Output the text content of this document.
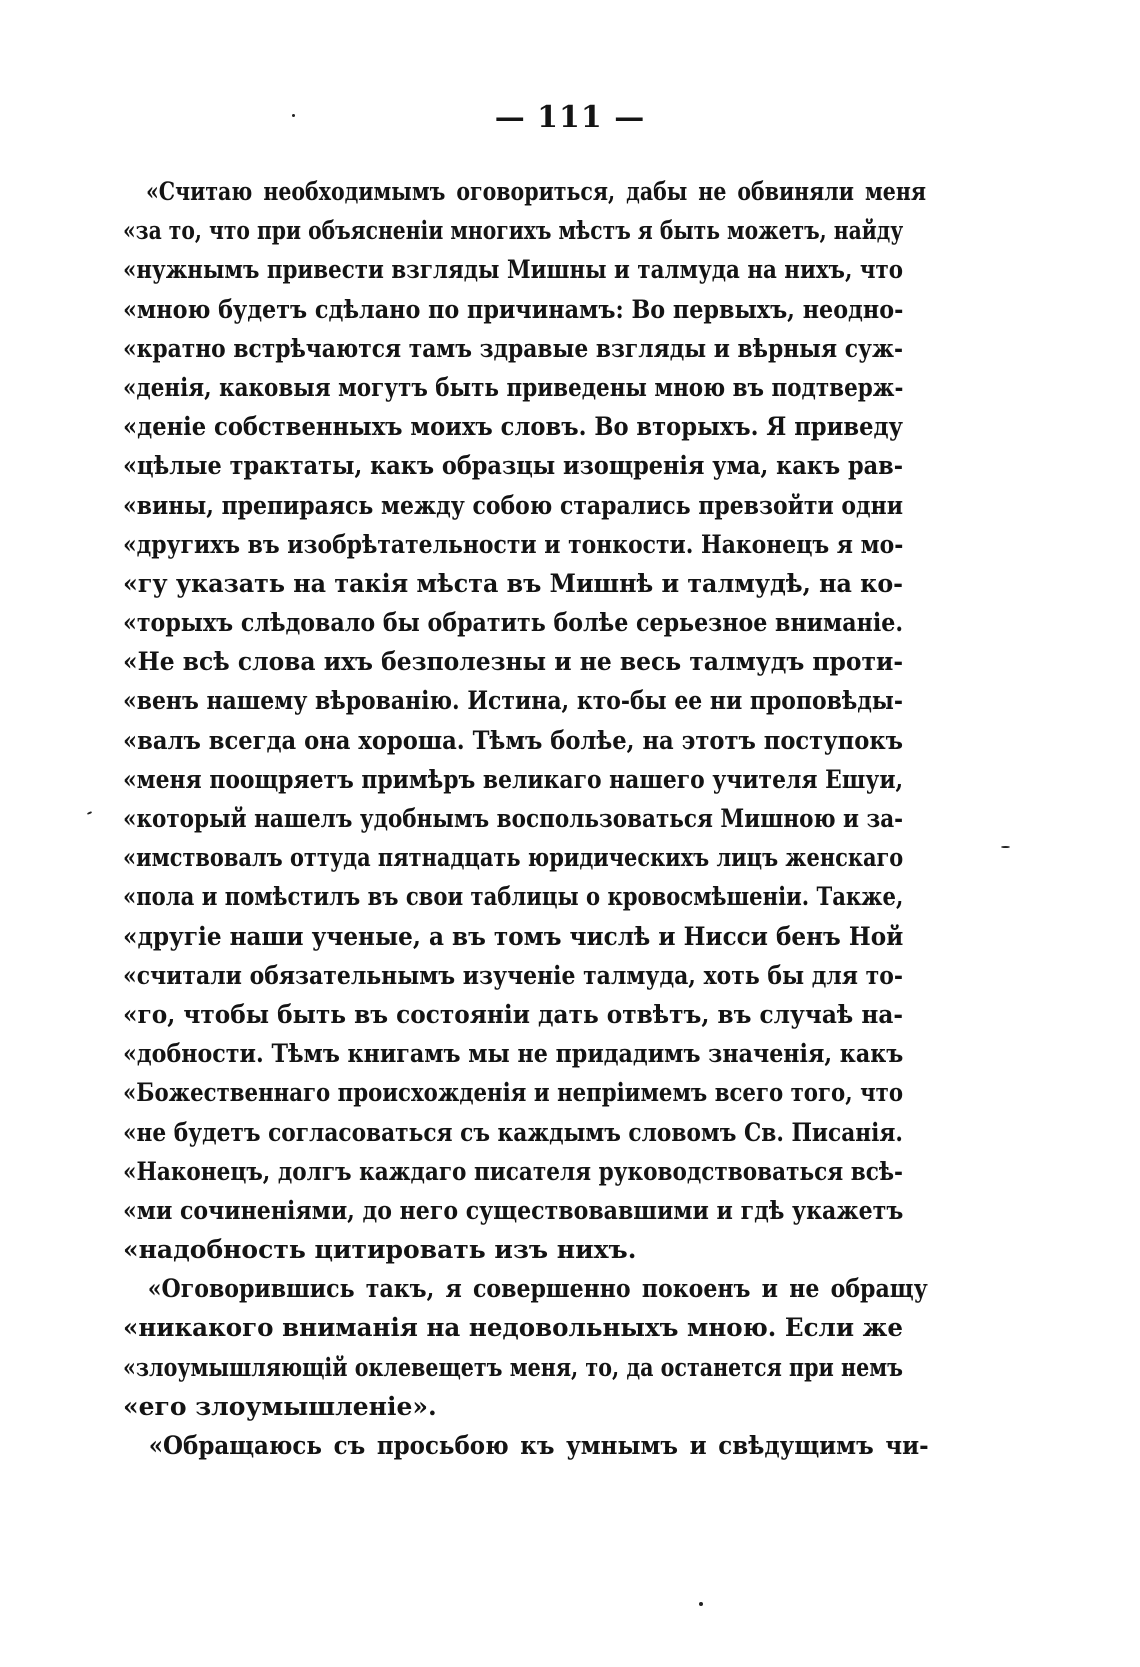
— 111 —
«Считаю необходимымъ оговориться, дабы не обвиняли меня
«за то, что при объясненіи многихъ мѣстъ я быть можетъ, найду
«нужнымъ привести взгляды Мишны и талмуда на нихъ, что
«мною будетъ сдѣлано по причинамъ: Во первыхъ, неодно-
«кратно встрѣчаются тамъ здравые взгляды и вѣрныя суж-
«денія, каковыя могутъ быть приведены мною въ подтверж-
«деніе собственныхъ моихъ словъ. Во вторыхъ. Я приведу
«цѣлые трактаты, какъ образцы изощренія ума, какъ рав-
«вины, препираясь между собою старались превзойти одни
«другихъ въ изобрѣтательности и тонкости. Наконецъ я мо-
«гу указать на такія мѣста въ Мишнѣ и талмудѣ, на ко-
«торыхъ слѣдовало бы обратить болѣе серьезное вниманіе.
«Не всѣ слова ихъ безполезны и не весь талмудъ проти-
«венъ нашему вѣрованію. Истина, кто-бы ее ни проповѣды-
«валъ всегда она хороша. Тѣмъ болѣе, на этотъ поступокъ
«меня поощряетъ примѣръ великаго нашего учителя Ешуи,
«который нашелъ удобнымъ воспользоваться Мишною и за-
«имствовалъ оттуда пятнадцать юридическихъ лицъ женскаго
«пола и помѣстилъ въ свои таблицы о кровосмѣшеніи. Также,
«другіе наши ученые, а въ томъ числѣ и Нисси бенъ Ной
«считали обязательнымъ изученіе талмуда, хоть бы для то-
«го, чтобы быть въ состояніи дать отвѣтъ, въ случаѣ на-
«добности. Тѣмъ книгамъ мы не придадимъ значенія, какъ
«Божественнаго происхожденія и непріимемъ всего того, что
«не будетъ согласоваться съ каждымъ словомъ Св. Писанія.
«Наконецъ, долгъ каждаго писателя руководствоваться всѣ-
«ми сочиненіями, до него существовавшими и гдѣ укажетъ
«надобность цитировать изъ нихъ.
«Оговорившись такъ, я совершенно покоенъ и не обращу
«никакого вниманія на недовольныхъ мною. Если же
«злоумышляющій оклевещетъ меня, то, да останется при немъ
«его злоумышленіе».
«Обращаюсь съ просьбою къ умнымъ и свѣдущимъ чи-
